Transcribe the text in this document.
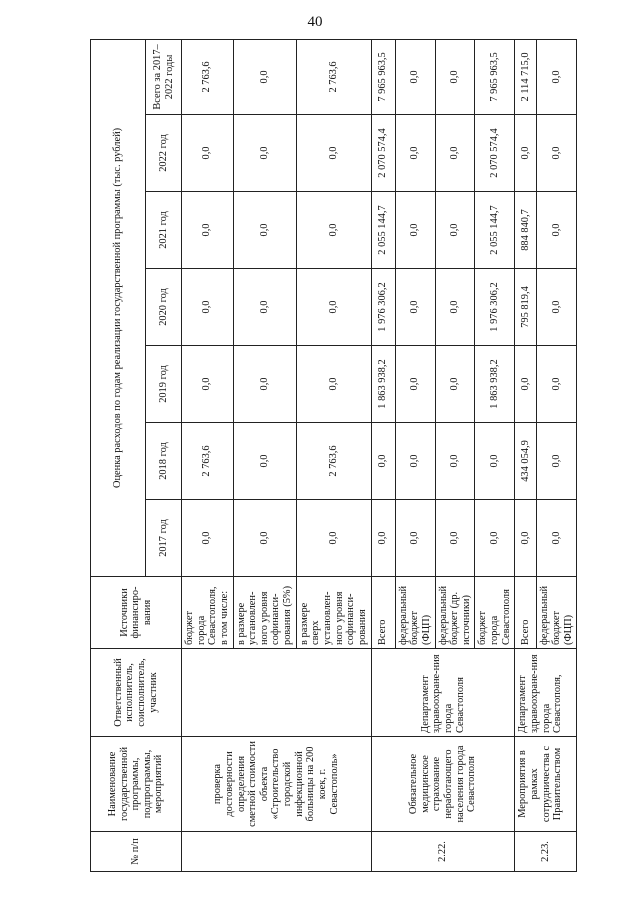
40
№ п/п	Наименование государственной программы, подпрограммы, мероприятий	Ответственный исполнитель, соисполнитель, участник	Источники финансиро-вания	Оценка расходов по годам реализации государственной программы (тыс. рублей)						
				2017 год	2018 год	2019 год	2020 год	2021 год	2022 год	Всего за 2017–2022 годы
	проверка достоверности определения сметной стоимости объекта «Строительство городской инфекционной больницы на 200 коек, г. Севастополь»		бюджет города Севастополя, в том числе:	0,0	2 763,6	0,0	0,0	0,0	0,0	2 763,6
			в размере установлен-ного уровня софинанси-рования (5%)	0,0	0,0	0,0	0,0	0,0	0,0	0,0
			в размере сверх установлен-ного уровня софинанси-рования	0,0	2 763,6	0,0	0,0	0,0	0,0	2 763,6
2.22.	Обязательное медицинское страхование неработающего населения города Севастополя	Департамент здравоохране-ния города Севастополя	Всего	0,0	0,0	1 863 938,2	1 976 306,2	2 055 144,7	2 070 574,4	7 965 963,5
			федеральный бюджет (ФЦП)	0,0	0,0	0,0	0,0	0,0	0,0	0,0
			федеральный бюджет (др. источники)	0,0	0,0	0,0	0,0	0,0	0,0	0,0
			бюджет города Севастополя	0,0	0,0	1 863 938,2	1 976 306,2	2 055 144,7	2 070 574,4	7 965 963,5
2.23.	Мероприятия в рамках сотрудничества с Правительством	Департамент здравоохране-ния города Севастополя,	Всего	0,0	434 054,9	0,0	795 819,4	884 840,7	0,0	2 114 715,0
			федеральный бюджет (ФЦП)	0,0	0,0	0,0	0,0	0,0	0,0	0,0
